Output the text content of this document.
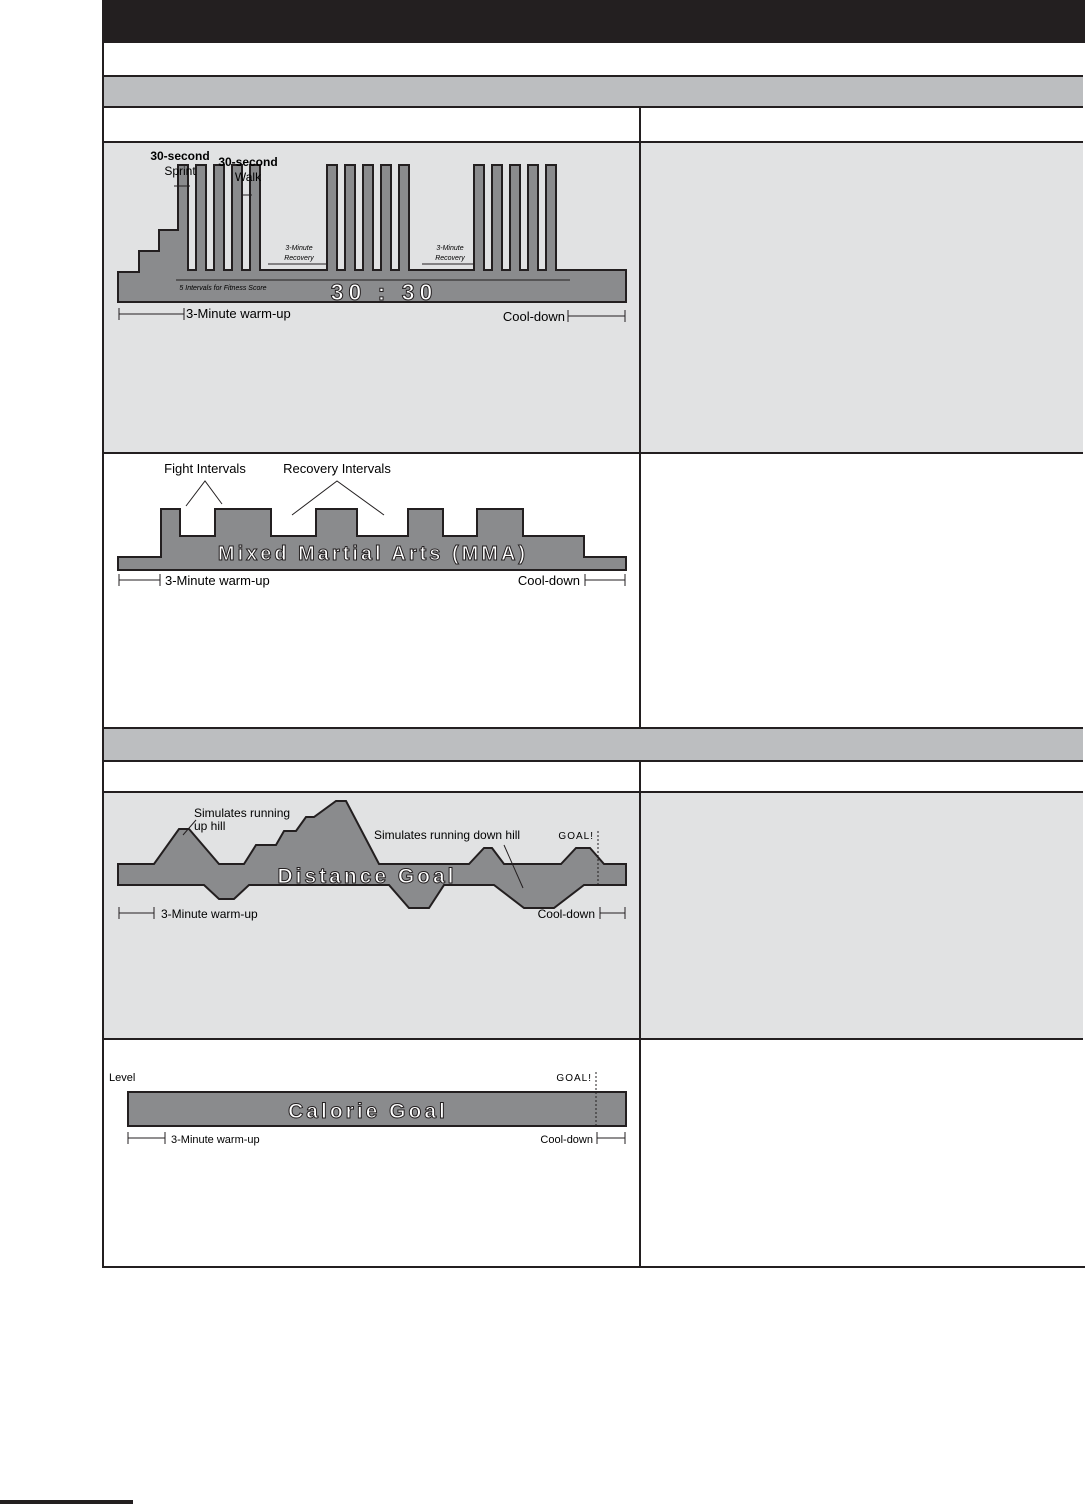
30-second
Sprint
30-second
Walk
3-Minute
Recovery
3-Minute
Recovery
5 Intervals for Fitness Score	30 : 30
3-Minute warm-up	Cool-down
Fight Intervals	Recovery Intervals
Mixed Martial Arts (MMA)
3-Minute warm-up	Cool-down
Simulates running
up hill
Simulates running down hill	GOAL!
Distance Goal
3-Minute warm-up	Cool-down
Level	GOAL!
Calorie Goal
3-Minute warm-up	Cool-down
